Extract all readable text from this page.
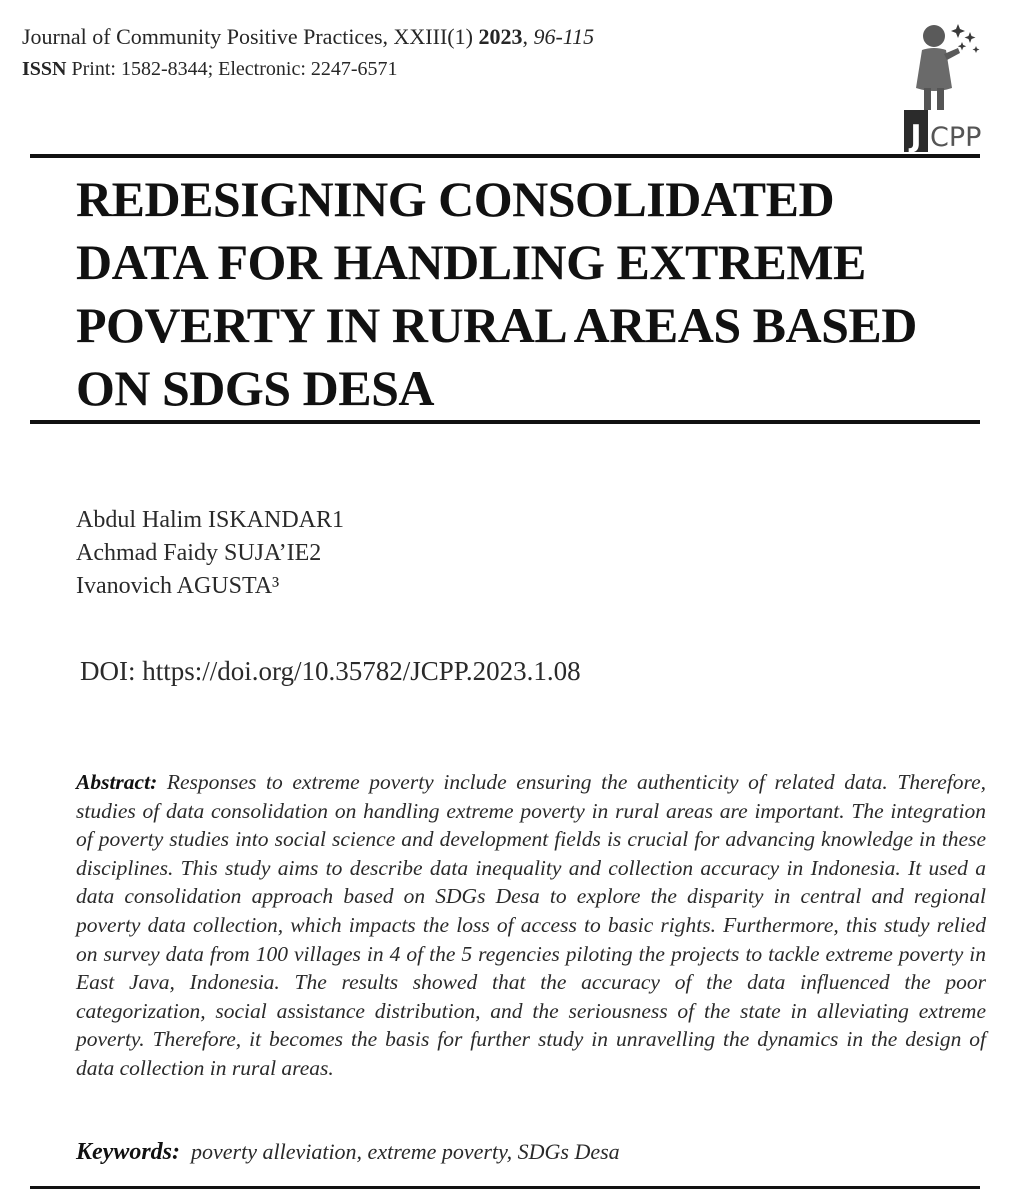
Journal of Community Positive Practices, XXIII(1) 2023, 96-115
ISSN Print: 1582-8344; Electronic: 2247-6571
J CPP
REDESIGNING CONSOLIDATED
DATA FOR HANDLING EXTREME
POVERTY IN RURAL AREAS BASED
ON SDGS DESA
Abdul Halim ISKANDAR1
Achmad Faidy SUJA’IE2
Ivanovich AGUSTA³
DOI: https://doi.org/10.35782/JCPP.2023.1.08
Abstract: Responses to extreme poverty include ensuring the authenticity of related data. Therefore, studies of data consolidation on handling extreme poverty in rural areas are important. The integration of poverty studies into social science and development fields is crucial for advancing knowledge in these disciplines. This study aims to describe data inequality and collection accuracy in Indonesia. It used a data consolidation approach based on SDGs Desa to explore the disparity in central and regional poverty data collection, which impacts the loss of access to basic rights. Furthermore, this study relied on survey data from 100 villages in 4 of the 5 regencies piloting the projects to tackle extreme poverty in East Java, Indonesia. The results showed that the accuracy of the data influenced the poor categorization, social assistance distribution, and the seriousness of the state in alleviating extreme poverty. Therefore, it becomes the basis for further study in unravelling the dynamics in the design of data collection in rural areas.
Keywords: poverty alleviation, extreme poverty, SDGs Desa
